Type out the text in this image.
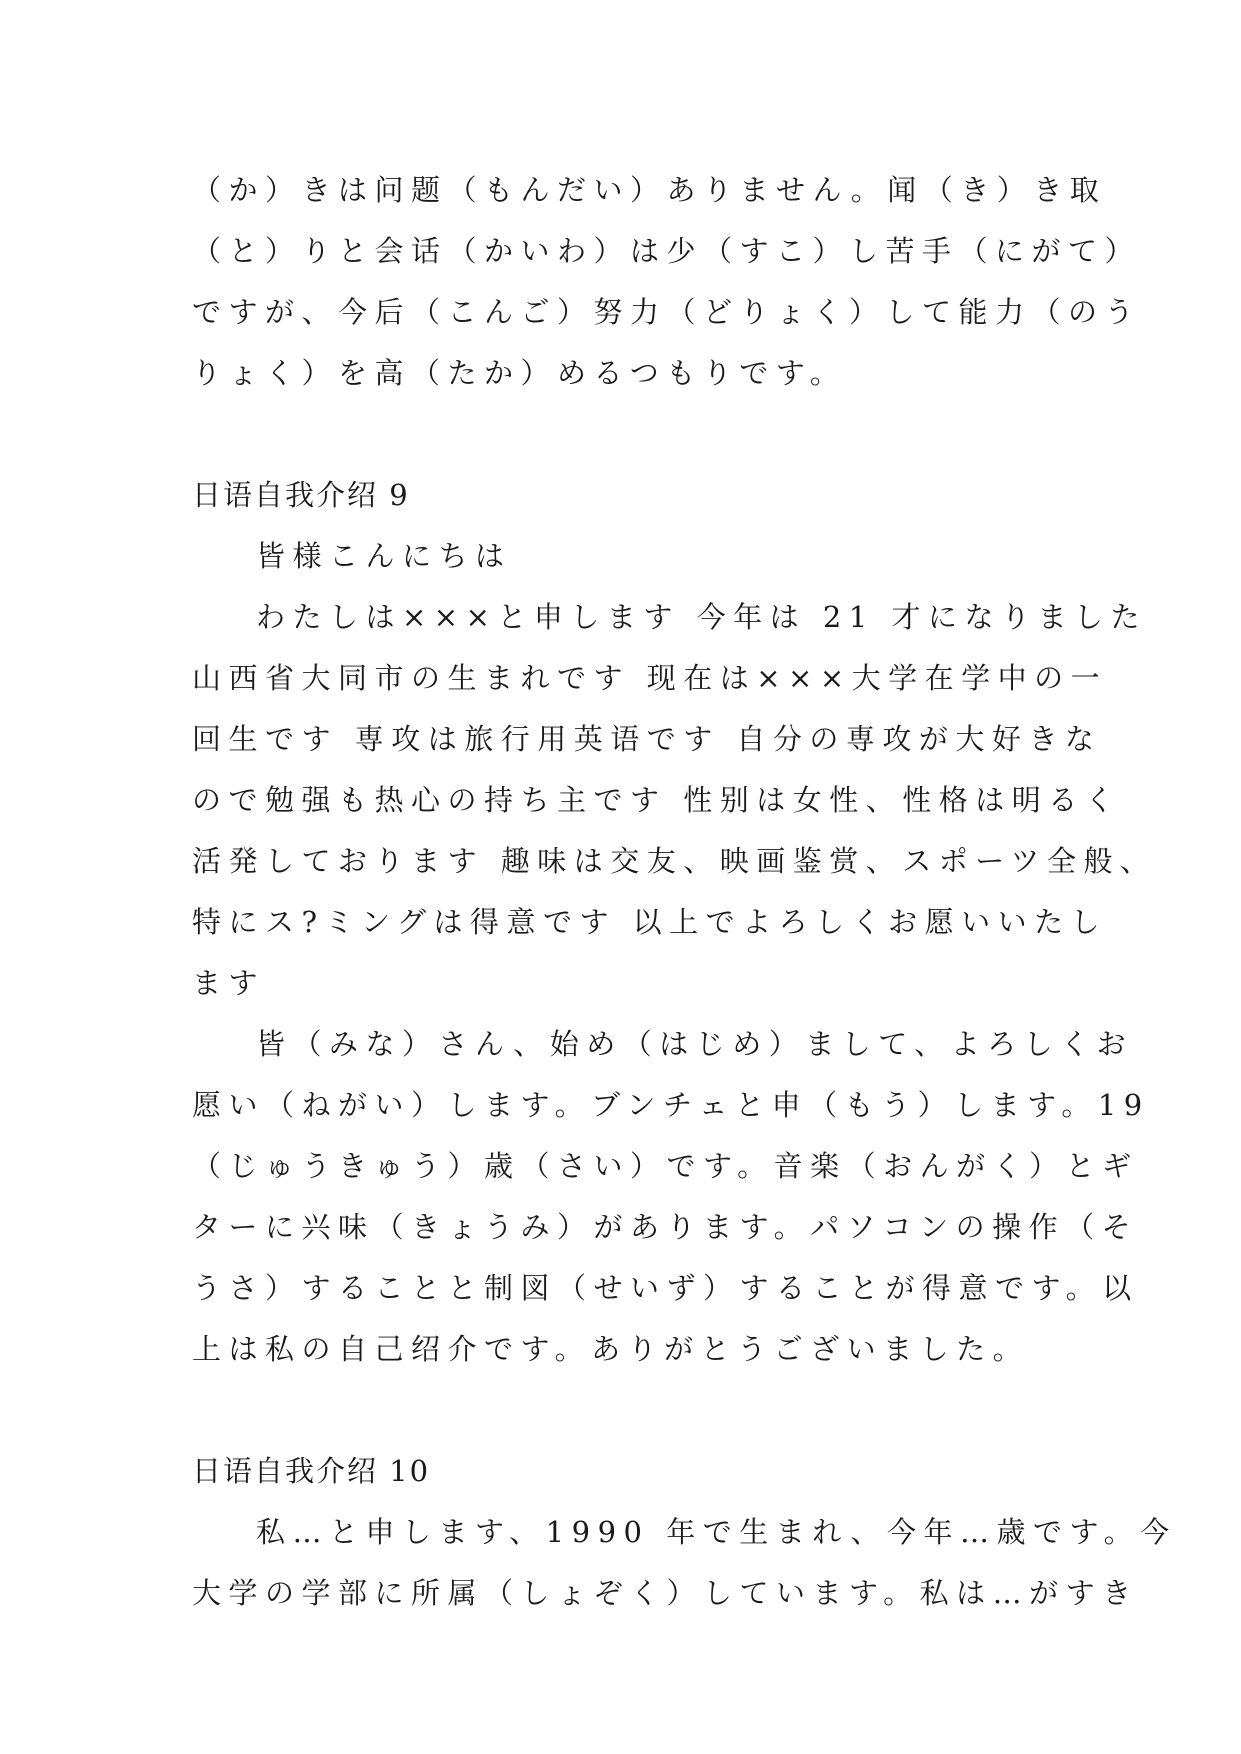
（か）きは问题（もんだい）ありません。闻（き）き取
（と）りと会话（かいわ）は少（すこ）し苦手（にがて）
ですが、今后（こんご）努力（どりょく）して能力（のう
りょく）を高（たか）めるつもりです。
日语自我介绍 9
皆様こんにちは
わたしは×××と申します 今年は 21 才になりました
山西省大同市の生まれです 现在は×××大学在学中の一
回生です 専攻は旅行用英语です 自分の専攻が大好きな
ので勉强も热心の持ち主です 性别は女性、性格は明るく
活発しております 趣味は交友、映画鉴赏、スポーツ全般、
特にス?ミングは得意です 以上でよろしくお愿いいたし
ます
皆（みな）さん、始め（はじめ）まして、よろしくお
愿い（ねがい）します。ブンチェと申（もう）します。19
（じゅうきゅう）歳（さい）です。音楽（おんがく）とギ
ターに兴味（きょうみ）があります。パソコンの操作（そ
うさ）することと制図（せいず）することが得意です。以
上は私の自己绍介です。ありがとうございました。
日语自我介绍 10
私…と申します、1990 年で生まれ、今年…歳です。今
大学の学部に所属（しょぞく）しています。私は…がすき
